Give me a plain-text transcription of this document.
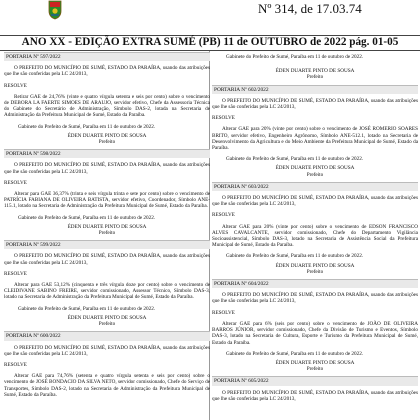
Nº 314, de 17.03.74
ANO XX - EDIÇÃO EXTRA SUMÉ (PB) 11 de OUTUBRO de 2022 pág. 01-05
PORTARIA Nº 597/2022

O PREFEITO DO MUNICÍPIO DE SUMÉ, ESTADO DA PARAÍBA, usando das atribuições que lhe são conferidas pela LC 24/2013,

RESOLVE

Retirar GAE de 24,76% (vinte e quatro vírgula setenta e seis por cento) sobre o vencimento de DEBORA LA FAERTE SIMOES DE ARAUJO, servidor efetivo, Chefe da Assessoria Técnica do Gabinete do Secretário de Administração, Símbolo DAS-2, lotada na Secretaria de Administração da Prefeitura Municipal de Sumé, Estado da Paraíba.

Gabinete do Prefeito de Sumé, Paraíba em 11 de outubro de 2022.

ÉDEN DUARTE PINTO DE SOUSA

Prefeito

PORTARIA Nº 598/2022

O PREFEITO DO MUNICÍPIO DE SUMÉ, ESTADO DA PARAÍBA, usando das atribuições que lhe são conferidas pela LC 24/2013,

RESOLVE

Alterar para GAE 36,37% (trinta e seis vírgula trinta e sete por cento) sobre o vencimento de PATRÍCIA FABIANA DE OLIVEIRA BATISTA, servidor efetivo, Coordenador, Símbolo ANE-115.1, lotado na Secretaria de Administração da Prefeitura Municipal de Sumé, Estado da Paraíba.

Gabinete do Prefeito de Sumé, Paraíba em 11 de outubro de 2022.

ÉDEN DUARTE PINTO DE SOUSA

Prefeito

PORTARIA Nº 599/2022

O PREFEITO DO MUNICÍPIO DE SUMÉ, ESTADO DA PARAÍBA, usando das atribuições que lhe são conferidas pela LC 24/2013,

RESOLVE

Alterar para GAE 53,12% (cinquenta e três vírgula doze por cento) sobre o vencimento de CLEIDIVANE SABINO FREIRE, servidor comissionado, Assessor Técnico, Símbolo DAS-3, lotado na Secretaria de Administração da Prefeitura Municipal de Sumé, Estado da Paraíba.

Gabinete do Prefeito de Sumé, Paraíba em 11 de outubro de 2022.

ÉDEN DUARTE PINTO DE SOUSA

Prefeito

PORTARIA Nº 600/2022

O PREFEITO DO MUNICÍPIO DE SUMÉ, ESTADO DA PARAÍBA, usando das atribuições que lhe são conferidas pela LC 24/2013,

RESOLVE

Alterar GAE para 74,76% (setenta e quatro vírgula setenta e seis por cento) sobre o vencimento de JOSÉ BONDACIO DA SILVA NETO, servidor comissionado, Chefe do Serviço de Transportes, Símbolo DAS-2, lotado na Secretaria de Administração da Prefeitura Municipal de Sumé, Estado da Paraíba.

Gabinete do Prefeito de Sumé, Paraíba em 11 de outubro de 2022.

ÉDEN DUARTE PINTO DE SOUSA

Prefeito

PORTARIA Nº 602/2022

O PREFEITO DO MUNICÍPIO DE SUMÉ, ESTADO DA PARAÍBA, usando das atribuições que lhe são conferidas pela LC 24/2013,

RESOLVE

Alterar GAE para 20% (vinte por cento) sobre o vencimento de JOSÉ ROMERIO SOARES BRITO, servidor efetivo, Engenheiro Agrônomo, Símbolo ANE-512.1, lotado na Secretaria de Desenvolvimento da Agricultura e do Meio Ambiente da Prefeitura Municipal de Sumé, Estado da Paraíba.

Gabinete do Prefeito de Sumé, Paraíba em 11 de outubro de 2022.

ÉDEN DUARTE PINTO DE SOUSA

Prefeito

PORTARIA Nº 603/2022

O PREFEITO DO MUNICÍPIO DE SUMÉ, ESTADO DA PARAÍBA, usando das atribuições que lhe são conferidas pela LC 24/2013,

RESOLVE

Alterar GAE para 20% (vinte por cento) sobre o vencimento de EDSON FRANCISCO ALVES CAVALCANTE, servidor comissionado, Chefe do Departamento Vigilância Socioassistencial, Símbolo DAS-3, lotado na Secretaria de Assistência Social da Prefeitura Municipal de Sumé, Estado da Paraíba.

Gabinete do Prefeito de Sumé, Paraíba em 11 de outubro de 2022.

ÉDEN DUARTE PINTO DE SOUSA

Prefeito

PORTARIA Nº 604/2022

O PREFEITO DO MUNICÍPIO DE SUMÉ, ESTADO DA PARAÍBA, usando das atribuições que lhe são conferidas pela LC 24/2013,

RESOLVE

Alterar GAE para 6% (seis por cento) sobre o vencimento de JOÃO DE OLIVEIRA BARROS JÚNIOR, servidor comissionado, Chefe da Divisão de Turismo e Eventos, Símbolo DAS-3, lotado na Secretaria de Cultura, Esporte e Turismo da Prefeitura Municipal de Sumé, Estado da Paraíba.

Gabinete do Prefeito de Sumé, Paraíba em 11 de outubro de 2022.

ÉDEN DUARTE PINTO DE SOUSA

Prefeito

PORTARIA Nº 605/2022

O PREFEITO DO MUNICÍPIO DE SUMÉ, ESTADO DA PARAÍBA, usando das atribuições que lhe são conferidas pela LC 24/2013,
